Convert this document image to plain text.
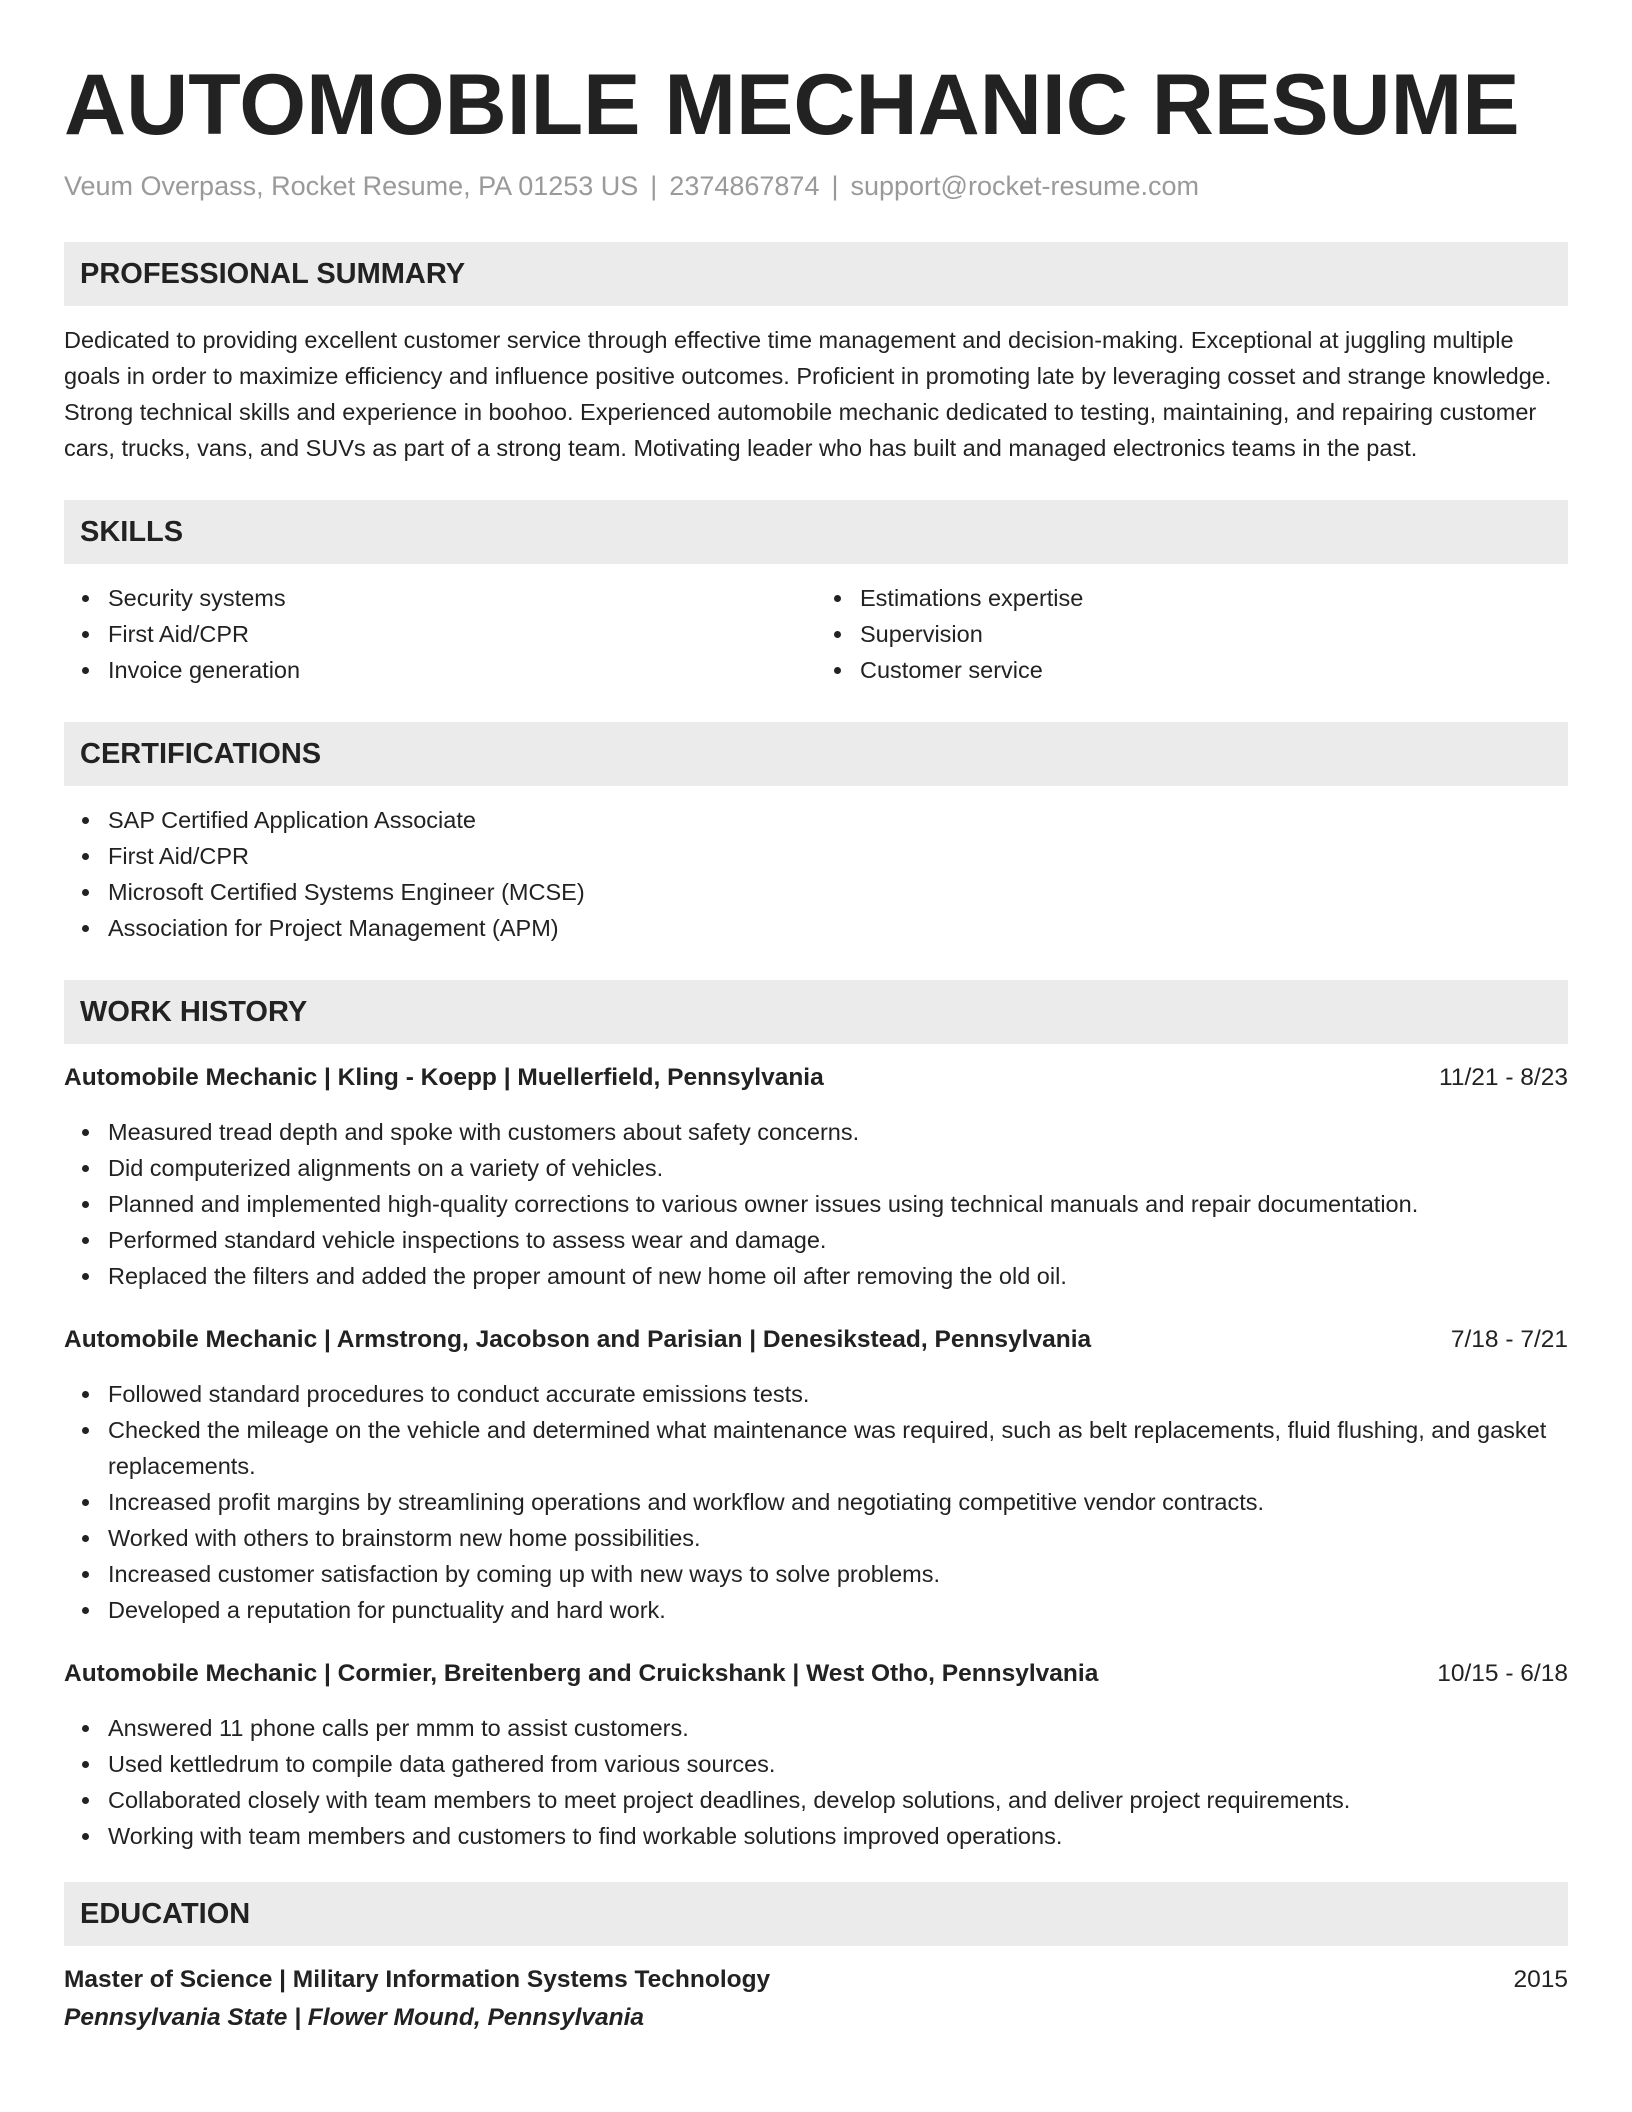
AUTOMOBILE MECHANIC RESUME
Veum Overpass, Rocket Resume, PA 01253 US | 2374867874 | support@rocket-resume.com
PROFESSIONAL SUMMARY

Dedicated to providing excellent customer service through effective time management and decision-making. Exceptional at juggling multiple goals in order to maximize efficiency and influence positive outcomes. Proficient in promoting late by leveraging cosset and strange knowledge. Strong technical skills and experience in boohoo. Experienced automobile mechanic dedicated to testing, maintaining, and repairing customer cars, trucks, vans, and SUVs as part of a strong team. Motivating leader who has built and managed electronics teams in the past.

SKILLS
Security systems
First Aid/CPR
Invoice generation
Estimations expertise
Supervision
Customer service
CERTIFICATIONS
SAP Certified Application Associate
First Aid/CPR
Microsoft Certified Systems Engineer (MCSE)
Association for Project Management (APM)
WORK HISTORY
Automobile Mechanic | Kling - Koepp | Muellerfield, Pennsylvania	11/21 - 8/23
Measured tread depth and spoke with customers about safety concerns.
Did computerized alignments on a variety of vehicles.
Planned and implemented high-quality corrections to various owner issues using technical manuals and repair documentation.
Performed standard vehicle inspections to assess wear and damage.
Replaced the filters and added the proper amount of new home oil after removing the old oil.
Automobile Mechanic | Armstrong, Jacobson and Parisian | Denesikstead, Pennsylvania	7/18 - 7/21
Followed standard procedures to conduct accurate emissions tests.
Checked the mileage on the vehicle and determined what maintenance was required, such as belt replacements, fluid flushing, and gasket replacements.
Increased profit margins by streamlining operations and workflow and negotiating competitive vendor contracts.
Worked with others to brainstorm new home possibilities.
Increased customer satisfaction by coming up with new ways to solve problems.
Developed a reputation for punctuality and hard work.
Automobile Mechanic | Cormier, Breitenberg and Cruickshank | West Otho, Pennsylvania	10/15 - 6/18
Answered 11 phone calls per mmm to assist customers.
Used kettledrum to compile data gathered from various sources.
Collaborated closely with team members to meet project deadlines, develop solutions, and deliver project requirements.
Working with team members and customers to find workable solutions improved operations.
EDUCATION
Master of Science | Military Information Systems Technology	2015
Pennsylvania State | Flower Mound, Pennsylvania
